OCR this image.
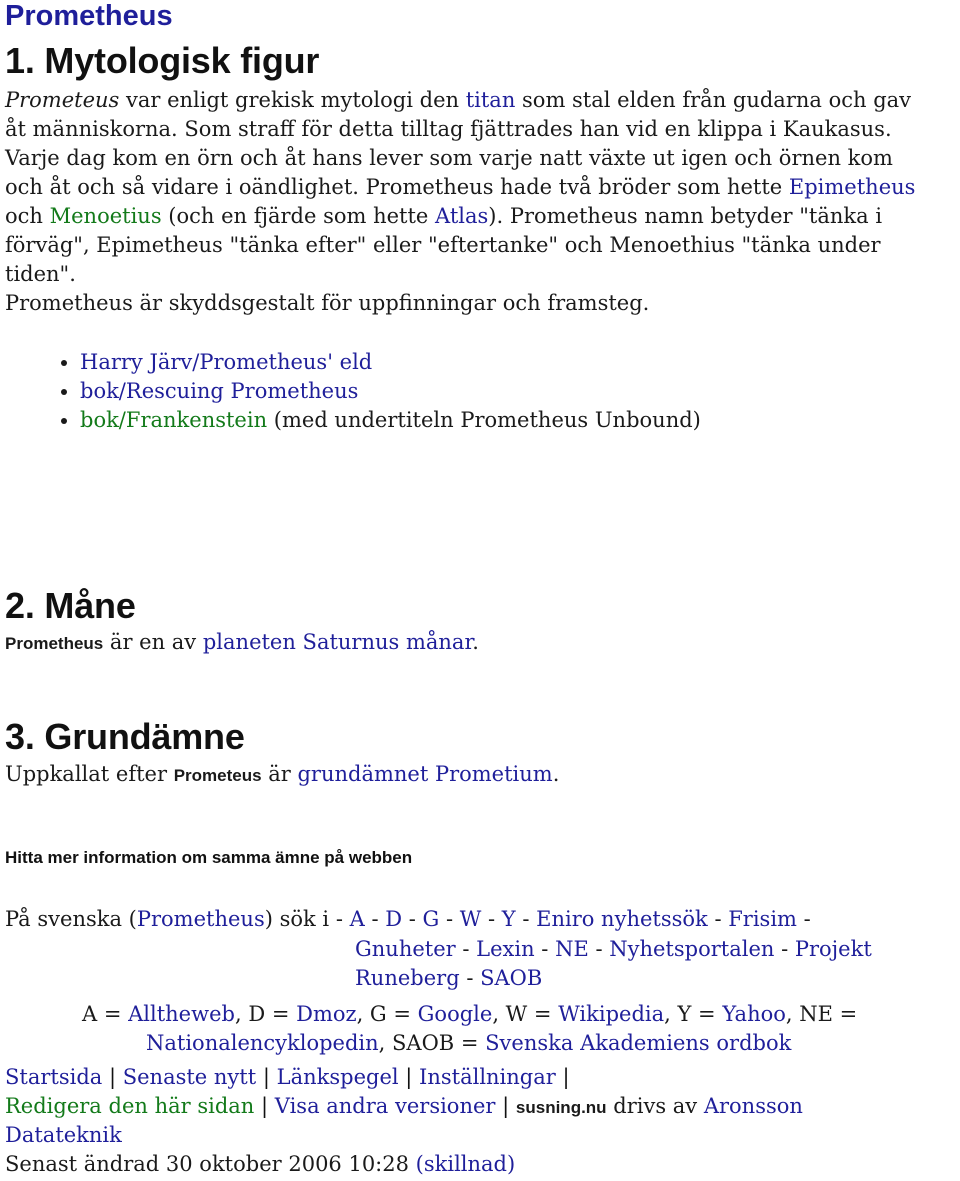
Prometheus
1. Mytologisk figur
Prometeus var enligt grekisk mytologi den titan som stal elden från gudarna och gav
åt människorna. Som straff för detta tilltag fjättrades han vid en klippa i Kaukasus.
Varje dag kom en örn och åt hans lever som varje natt växte ut igen och örnen kom
och åt och så vidare i oändlighet. Prometheus hade två bröder som hette Epimetheus
och Menoetius (och en fjärde som hette Atlas). Prometheus namn betyder "tänka i
förväg", Epimetheus "tänka efter" eller "eftertanke" och Menoethius "tänka under
tiden".
Prometheus är skyddsgestalt för uppfinningar och framsteg.
• Harry Järv/Prometheus' eld
• bok/Rescuing Prometheus
• bok/Frankenstein (med undertiteln Prometheus Unbound)
2. Måne
Prometheus är en av planeten Saturnus månar.
3. Grundämne
Uppkallat efter Prometeus är grundämnet Prometium.
Hitta mer information om samma ämne på webben
På svenska (Prometheus) sök i - A - D - G - W - Y - Eniro nyhetssök - Frisim -
Gnuheter - Lexin - NE - Nyhetsportalen - Projekt
Runeberg - SAOB
A = Alltheweb, D = Dmoz, G = Google, W = Wikipedia, Y = Yahoo, NE =
Nationalencyklopedin, SAOB = Svenska Akademiens ordbok
Startsida | Senaste nytt | Länkspegel | Inställningar |
Redigera den här sidan | Visa andra versioner | susning.nu drivs av Aronsson
Datateknik
Senast ändrad 30 oktober 2006 10:28 (skillnad)
